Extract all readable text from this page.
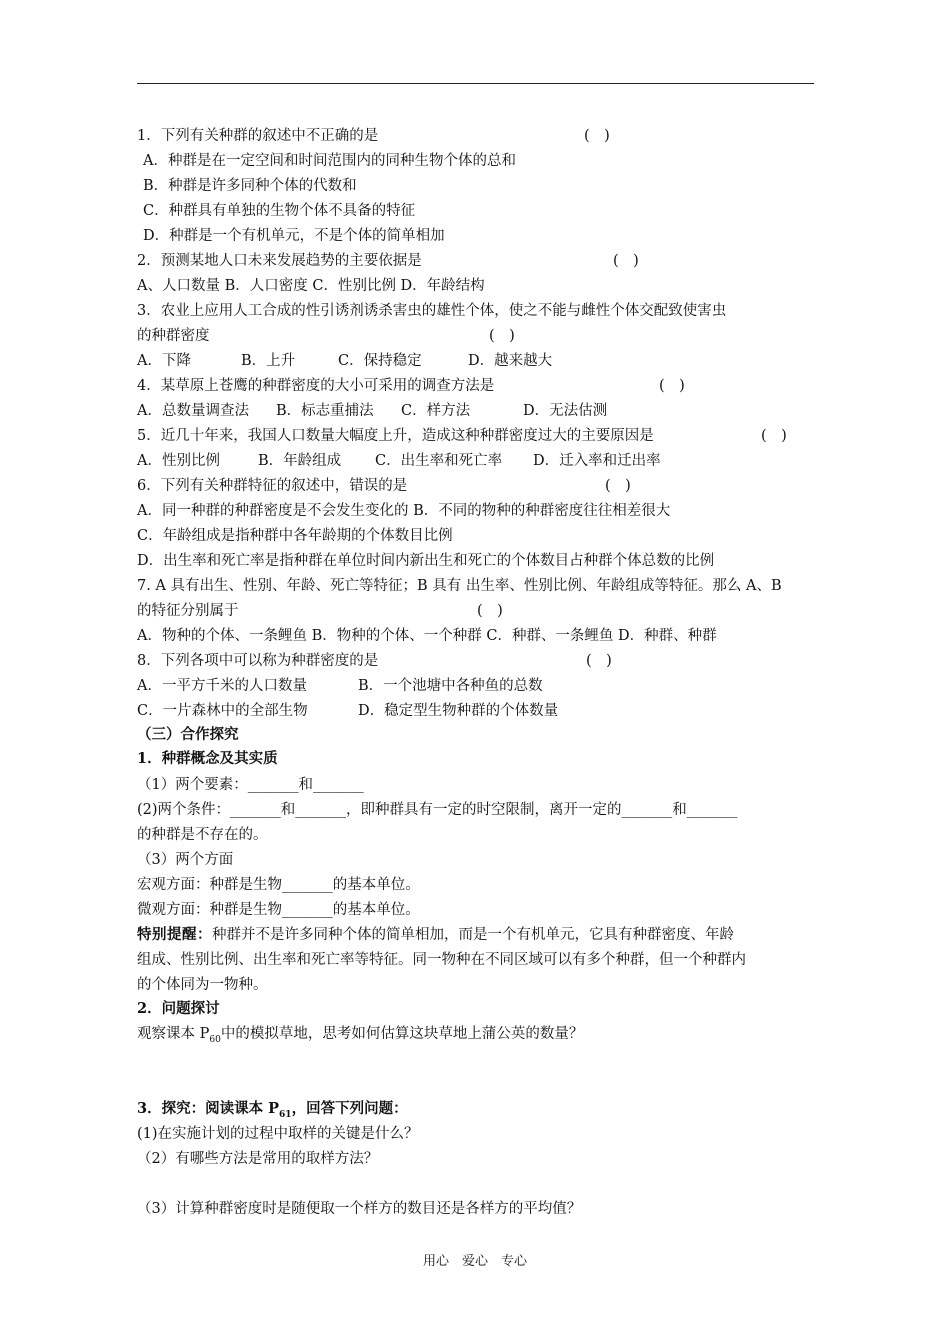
1．下列有关种群的叙述中不正确的是	(　)
A．种群是在一定空间和时间范围内的同种生物个体的总和
B．种群是许多同种个体的代数和
C．种群具有单独的生物个体不具备的特征
D．种群是一个有机单元，不是个体的简单相加
2．预测某地人口未来发展趋势的主要依据是	(　)
A、人口数量 B．人口密度 C．性别比例 D．年龄结构
3．农业上应用人工合成的性引诱剂诱杀害虫的雄性个体，使之不能与雌性个体交配致使害虫
的种群密度	(　)
A．下降	B．上升	C．保持稳定	D．越来越大
4．某草原上苍鹰的种群密度的大小可采用的调查方法是	(　)
A．总数量调查法 B．标志重捕法 C．样方法	D．无法估测
5．近几十年来，我国人口数量大幅度上升，造成这种种群密度过大的主要原因是	(　)
A．性别比例	B．年龄组成 C．出生率和死亡率 D．迁入率和迁出率
6．下列有关种群特征的叙述中，错误的是	(　)
A．同一种群的种群密度是不会发生变化的 B．不同的物种的种群密度往往相差很大
C．年龄组成是指种群中各年龄期的个体数目比例
D．出生率和死亡率是指种群在单位时间内新出生和死亡的个体数目占种群个体总数的比例
7. A 具有出生、性别、年龄、死亡等特征；B 具有 出生率、性别比例、年龄组成等特征。那么 A、B
的特征分别属于	(　)
A．物种的个体、一条鲤鱼 B．物种的个体、一个种群 C．种群、一条鲤鱼 D．种群、种群
8．下列各项中可以称为种群密度的是	(　)
A．一平方千米的人口数量	B．一个池塘中各种鱼的总数
C．一片森林中的全部生物	D．稳定型生物种群的个体数量
（三）合作探究
1．种群概念及其实质
（1）两个要素：_______和_______
(2)两个条件：_______和_______，即种群具有一定的时空限制，离开一定的_______和_______
的种群是不存在的。
（3）两个方面
宏观方面：种群是生物_______的基本单位。
微观方面：种群是生物_______的基本单位。
特别提醒：种群并不是许多同种个体的简单相加，而是一个有机单元，它具有种群密度、年龄
组成、性别比例、出生率和死亡率等特征。同一物种在不同区域可以有多个种群，但一个种群内
的个体同为一物种。
2．问题探讨
观察课本 $P_{60}$中的模拟草地，思考如何估算这块草地上蒲公英的数量？
3．探究：阅读课本 $P_{61}$，回答下列问题：
(1)在实施计划的过程中取样的关键是什么？
（2）有哪些方法是常用的取样方法？
（3）计算种群密度时是随便取一个样方的数目还是各样方的平均值？
用心　爱心　专心
